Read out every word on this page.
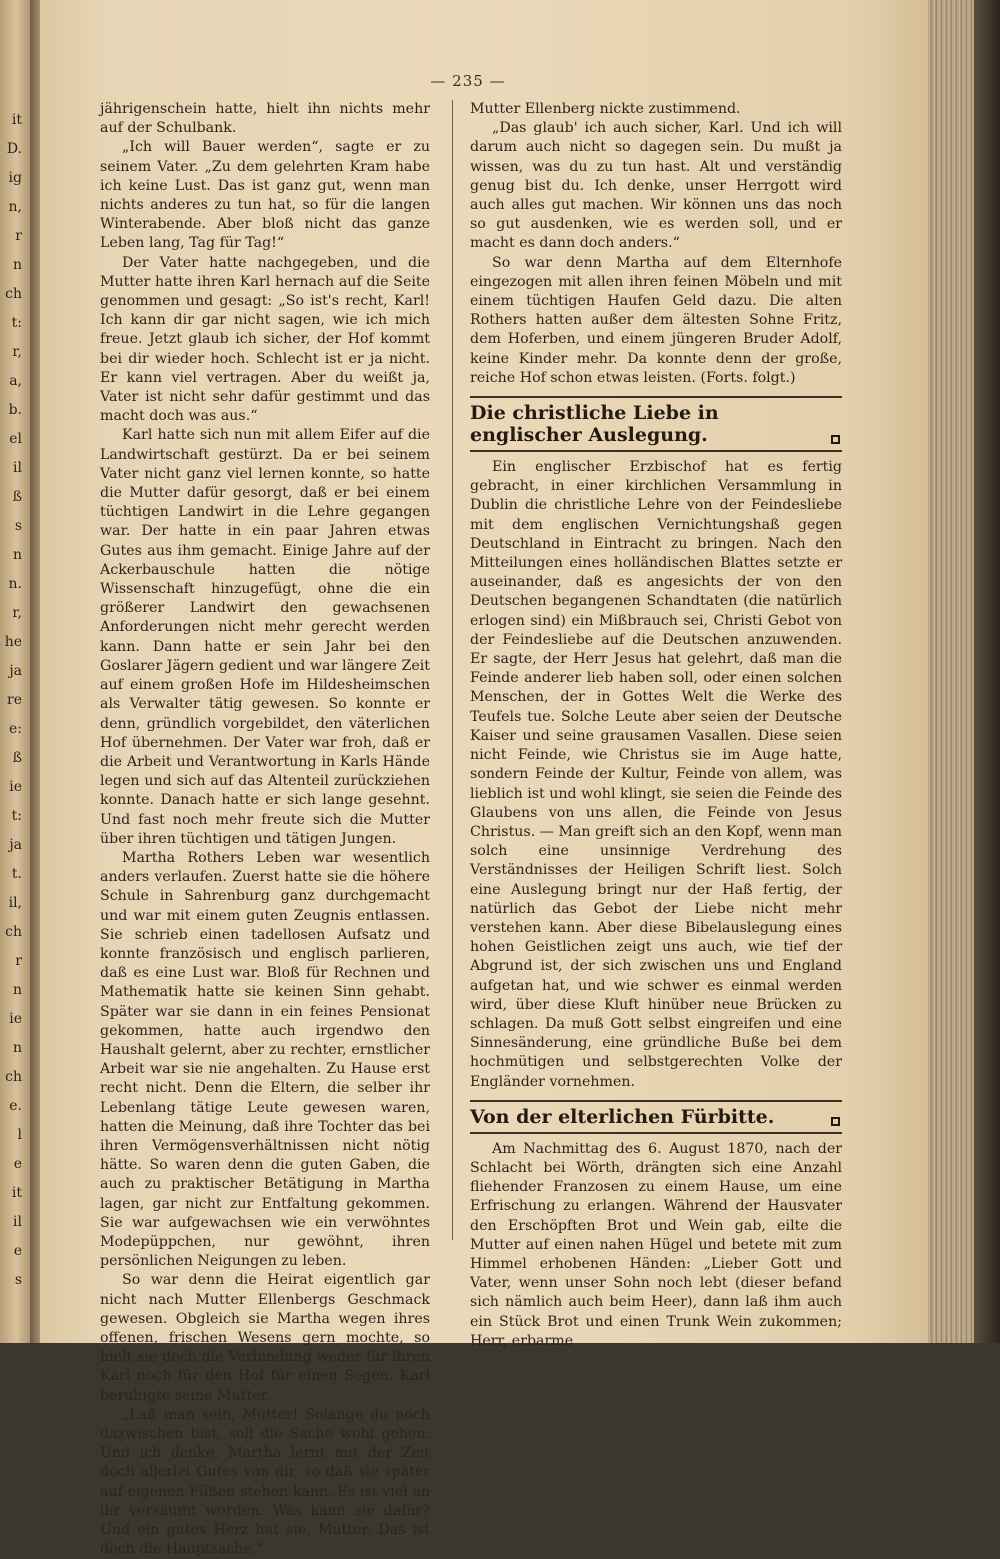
it
D.
ig
n,
r
n
ch
t:
r,
a,
b.
el
il
ß
s
n
n.
r,
he
ja
re
e:
ß
ie
t:
ja
t.
il,
ch
r
n
ie
n
ch
e.
l
e
it
il
e
s
— 235 —

jährigenschein hatte, hielt ihn nichts mehr auf der Schulbank.

„Ich will Bauer werden“, sagte er zu seinem Vater. „Zu dem gelehrten Kram habe ich keine Lust. Das ist ganz gut, wenn man nichts anderes zu tun hat, so für die langen Winterabende. Aber bloß nicht das ganze Leben lang, Tag für Tag!“

Der Vater hatte nachgegeben, und die Mutter hatte ihren Karl hernach auf die Seite genommen und gesagt: „So ist's recht, Karl! Ich kann dir gar nicht sagen, wie ich mich freue. Jetzt glaub ich sicher, der Hof kommt bei dir wieder hoch. Schlecht ist er ja nicht. Er kann viel vertragen. Aber du weißt ja, Vater ist nicht sehr dafür gestimmt und das macht doch was aus.“

Karl hatte sich nun mit allem Eifer auf die Landwirtschaft gestürzt. Da er bei seinem Vater nicht ganz viel lernen konnte, so hatte die Mutter dafür gesorgt, daß er bei einem tüchtigen Landwirt in die Lehre gegangen war. Der hatte in ein paar Jahren etwas Gutes aus ihm gemacht. Einige Jahre auf der Ackerbauschule hatten die nötige Wissenschaft hinzugefügt, ohne die ein größerer Landwirt den gewachsenen Anforderungen nicht mehr gerecht werden kann. Dann hatte er sein Jahr bei den Goslarer Jägern gedient und war längere Zeit auf einem großen Hofe im Hildesheimschen als Verwalter tätig gewesen. So konnte er denn, gründlich vorgebildet, den väterlichen Hof übernehmen. Der Vater war froh, daß er die Arbeit und Verantwortung in Karls Hände legen und sich auf das Altenteil zurückziehen konnte. Danach hatte er sich lange gesehnt. Und fast noch mehr freute sich die Mutter über ihren tüchtigen und tätigen Jungen.

Martha Rothers Leben war wesentlich anders verlaufen. Zuerst hatte sie die höhere Schule in Sahrenburg ganz durchgemacht und war mit einem guten Zeugnis entlassen. Sie schrieb einen tadellosen Aufsatz und konnte französisch und englisch parlieren, daß es eine Lust war. Bloß für Rechnen und Mathematik hatte sie keinen Sinn gehabt. Später war sie dann in ein feines Pensionat gekommen, hatte auch irgendwo den Haushalt gelernt, aber zu rechter, ernstlicher Arbeit war sie nie angehalten. Zu Hause erst recht nicht. Denn die Eltern, die selber ihr Lebenlang tätige Leute gewesen waren, hatten die Meinung, daß ihre Tochter das bei ihren Vermögensverhältnissen nicht nötig hätte. So waren denn die guten Gaben, die auch zu praktischer Betätigung in Martha lagen, gar nicht zur Entfaltung gekommen. Sie war aufgewachsen wie ein verwöhntes Modepüppchen, nur gewöhnt, ihren persönlichen Neigungen zu leben.

So war denn die Heirat eigentlich gar nicht nach Mutter Ellenbergs Geschmack gewesen. Obgleich sie Martha wegen ihres offenen, frischen Wesens gern mochte, so hielt sie doch die Verbindung weder für ihren Karl noch für den Hof für einen Segen. Karl beruhigte seine Mutter.

„Laß man sein, Mutter! Solange du noch dazwischen bist, soll die Sache wohl gehen. Und ich denke, Martha lernt mit der Zeit doch allerlei Gutes von dir, so daß sie später auf eigenen Füßen stehen kann. Es ist viel an ihr versäumt worden. Was kann sie dafür? Und ein gutes Herz hat sie, Mutter. Das ist doch die Hauptsache.“

Mutter Ellenberg nickte zustimmend.

„Das glaub' ich auch sicher, Karl. Und ich will darum auch nicht so dagegen sein. Du mußt ja wissen, was du zu tun hast. Alt und verständig genug bist du. Ich denke, unser Herrgott wird auch alles gut machen. Wir können uns das noch so gut ausdenken, wie es werden soll, und er macht es dann doch anders.“

So war denn Martha auf dem Elternhofe eingezogen mit allen ihren feinen Möbeln und mit einem tüchtigen Haufen Geld dazu. Die alten Rothers hatten außer dem ältesten Sohne Fritz, dem Hoferben, und einem jüngeren Bruder Adolf, keine Kinder mehr. Da konnte denn der große, reiche Hof schon etwas leisten. (Forts. folgt.)

Die christliche Liebe in englischer Auslegung.

Ein englischer Erzbischof hat es fertig gebracht, in einer kirchlichen Versammlung in Dublin die christliche Lehre von der Feindesliebe mit dem englischen Vernichtungshaß gegen Deutschland in Eintracht zu bringen. Nach den Mitteilungen eines holländischen Blattes setzte er auseinander, daß es angesichts der von den Deutschen begangenen Schandtaten (die natürlich erlogen sind) ein Mißbrauch sei, Christi Gebot von der Feindesliebe auf die Deutschen anzuwenden. Er sagte, der Herr Jesus hat gelehrt, daß man die Feinde anderer lieb haben soll, oder einen solchen Menschen, der in Gottes Welt die Werke des Teufels tue. Solche Leute aber seien der Deutsche Kaiser und seine grausamen Vasallen. Diese seien nicht Feinde, wie Christus sie im Auge hatte, sondern Feinde der Kultur, Feinde von allem, was lieblich ist und wohl klingt, sie seien die Feinde des Glaubens von uns allen, die Feinde von Jesus Christus. — Man greift sich an den Kopf, wenn man solch eine unsinnige Verdrehung des Verständnisses der Heiligen Schrift liest. Solch eine Auslegung bringt nur der Haß fertig, der natürlich das Gebot der Liebe nicht mehr verstehen kann. Aber diese Bibelauslegung eines hohen Geistlichen zeigt uns auch, wie tief der Abgrund ist, der sich zwischen uns und England aufgetan hat, und wie schwer es einmal werden wird, über diese Kluft hinüber neue Brücken zu schlagen. Da muß Gott selbst eingreifen und eine Sinnesänderung, eine gründliche Buße bei dem hochmütigen und selbstgerechten Volke der Engländer vornehmen.

Von der elterlichen Fürbitte.

Am Nachmittag des 6. August 1870, nach der Schlacht bei Wörth, drängten sich eine Anzahl fliehender Franzosen zu einem Hause, um eine Erfrischung zu erlangen. Während der Hausvater den Erschöpften Brot und Wein gab, eilte die Mutter auf einen nahen Hügel und betete mit zum Himmel erhobenen Händen: „Lieber Gott und Vater, wenn unser Sohn noch lebt (dieser befand sich nämlich auch beim Heer), dann laß ihm auch ein Stück Brot und einen Trunk Wein zukommen; Herr, erbarme
